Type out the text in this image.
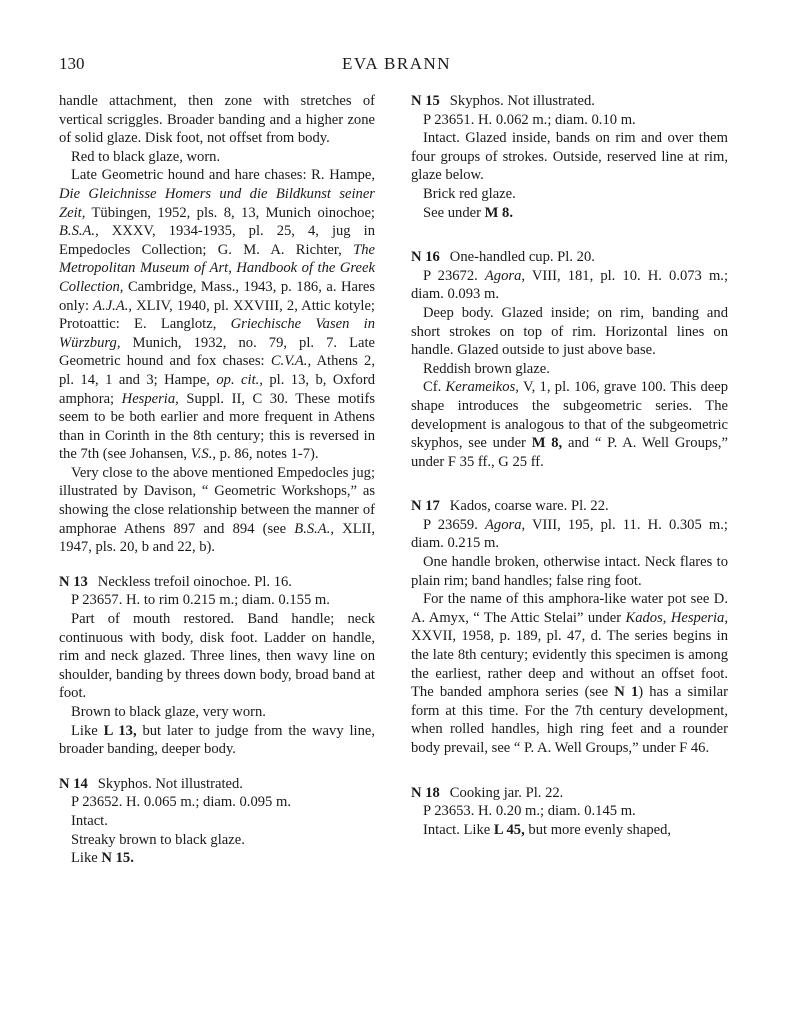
130	EVA BRANN

handle attachment, then zone with stretches of vertical scriggles. Broader banding and a higher zone of solid glaze. Disk foot, not offset from body.

Red to black glaze, worn.

Late Geometric hound and hare chases: R. Hampe, Die Gleichnisse Homers und die Bildkunst seiner Zeit, Tübingen, 1952, pls. 8, 13, Munich oinochoe; B.S.A., XXXV, 1934-1935, pl. 25, 4, jug in Empedocles Collection; G. M. A. Richter, The Metropolitan Museum of Art, Handbook of the Greek Collection, Cambridge, Mass., 1943, p. 186, a. Hares only: A.J.A., XLIV, 1940, pl. XXVIII, 2, Attic kotyle; Protoattic: E. Langlotz, Griechische Vasen in Würzburg, Munich, 1932, no. 79, pl. 7. Late Geometric hound and fox chases: C.V.A., Athens 2, pl. 14, 1 and 3; Hampe, op. cit., pl. 13, b, Oxford amphora; Hesperia, Suppl. II, C 30. These motifs seem to be both earlier and more frequent in Athens than in Corinth in the 8th century; this is reversed in the 7th (see Johansen, V.S., p. 86, notes 1-7).

Very close to the above mentioned Empedocles jug; illustrated by Davison, “ Geometric Workshops,” as showing the close relationship between the manner of amphorae Athens 897 and 894 (see B.S.A., XLII, 1947, pls. 20, b and 22, b).

N 13 Neckless trefoil oinochoe. Pl. 16.

P 23657. H. to rim 0.215 m.; diam. 0.155 m.

Part of mouth restored. Band handle; neck continuous with body, disk foot. Ladder on handle, rim and neck glazed. Three lines, then wavy line on shoulder, banding by threes down body, broad band at foot.

Brown to black glaze, very worn.

Like L 13, but later to judge from the wavy line, broader banding, deeper body.

N 14 Skyphos. Not illustrated.

P 23652. H. 0.065 m.; diam. 0.095 m.

Intact.

Streaky brown to black glaze.

Like N 15.

N 15 Skyphos. Not illustrated.

P 23651. H. 0.062 m.; diam. 0.10 m.

Intact. Glazed inside, bands on rim and over them four groups of strokes. Outside, reserved line at rim, glaze below.

Brick red glaze.

See under M 8.

N 16 One-handled cup. Pl. 20.

P 23672. Agora, VIII, 181, pl. 10. H. 0.073 m.; diam. 0.093 m.

Deep body. Glazed inside; on rim, banding and short strokes on top of rim. Horizontal lines on handle. Glazed outside to just above base.

Reddish brown glaze.

Cf. Kerameikos, V, 1, pl. 106, grave 100. This deep shape introduces the subgeometric series. The development is analogous to that of the subgeometric skyphos, see under M 8, and “ P. A. Well Groups,” under F 35 ff., G 25 ff.

N 17 Kados, coarse ware. Pl. 22.

P 23659. Agora, VIII, 195, pl. 11. H. 0.305 m.; diam. 0.215 m.

One handle broken, otherwise intact. Neck flares to plain rim; band handles; false ring foot.

For the name of this amphora-like water pot see D. A. Amyx, “ The Attic Stelai” under Kados, Hesperia, XXVII, 1958, p. 189, pl. 47, d. The series begins in the late 8th century; evidently this specimen is among the earliest, rather deep and without an offset foot. The banded amphora series (see N 1) has a similar form at this time. For the 7th century development, when rolled handles, high ring feet and a rounder body prevail, see “ P. A. Well Groups,” under F 46.

N 18 Cooking jar. Pl. 22.

P 23653. H. 0.20 m.; diam. 0.145 m.

Intact. Like L 45, but more evenly shaped,
